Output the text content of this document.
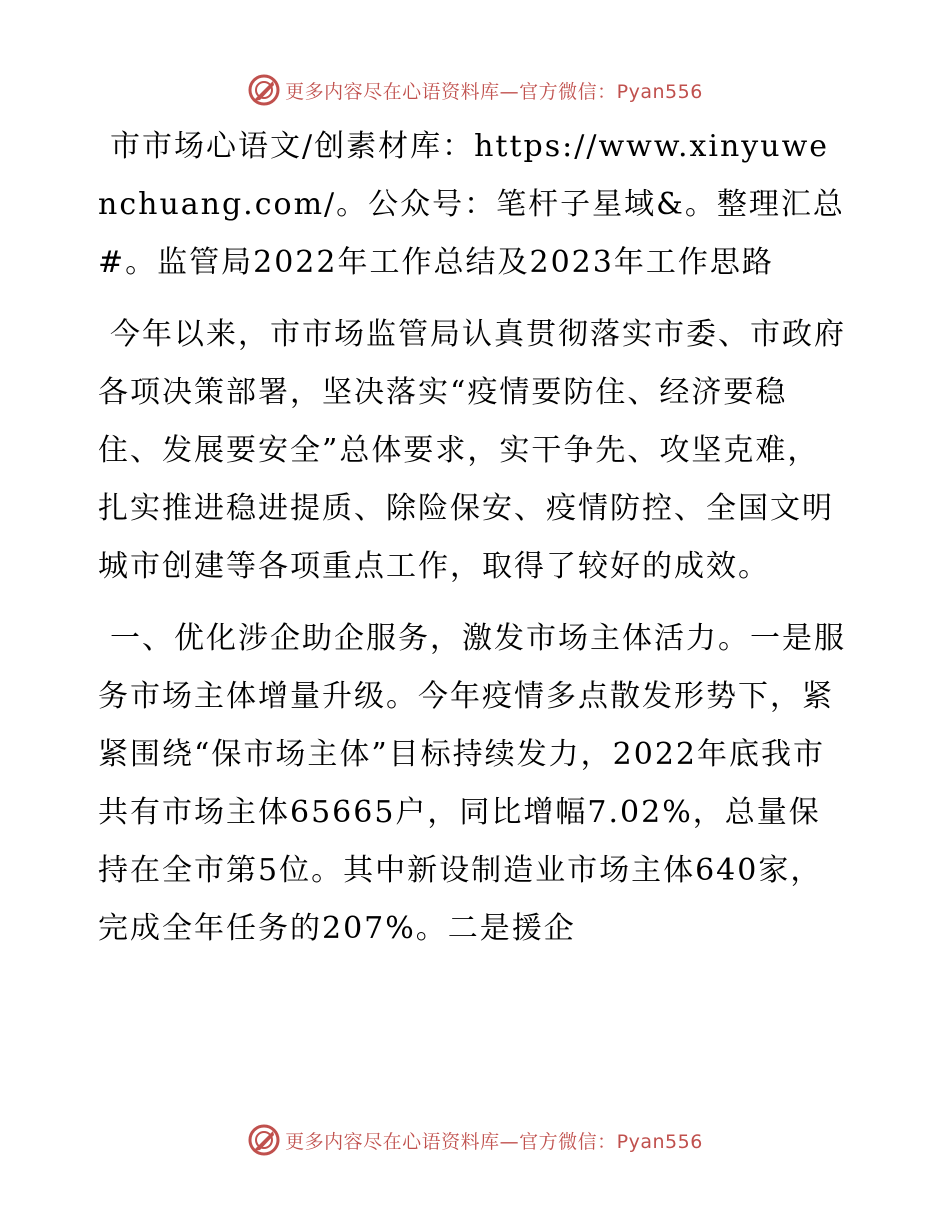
更多内容尽在心语资料库—官方微信：Pyan556

市市场心语文/创素材库：https://www.xinyuwenchuang.com/。公众号：笔杆子星域&。整理汇总#。监管局2022年工作总结及2023年工作思路

今年以来，市市场监管局认真贯彻落实市委、市政府各项决策部署，坚决落实“疫情要防住、经济要稳住、发展要安全”总体要求，实干争先、攻坚克难，扎实推进稳进提质、除险保安、疫情防控、全国文明城市创建等各项重点工作，取得了较好的成效。

一、优化涉企助企服务，激发市场主体活力。一是服务市场主体增量升级。今年疫情多点散发形势下，紧紧围绕“保市场主体”目标持续发力，2022年底我市共有市场主体65665户，同比增幅7.02%，总量保持在全市第5位。其中新设制造业市场主体640家，完成全年任务的207%。二是援企

更多内容尽在心语资料库—官方微信：Pyan556
